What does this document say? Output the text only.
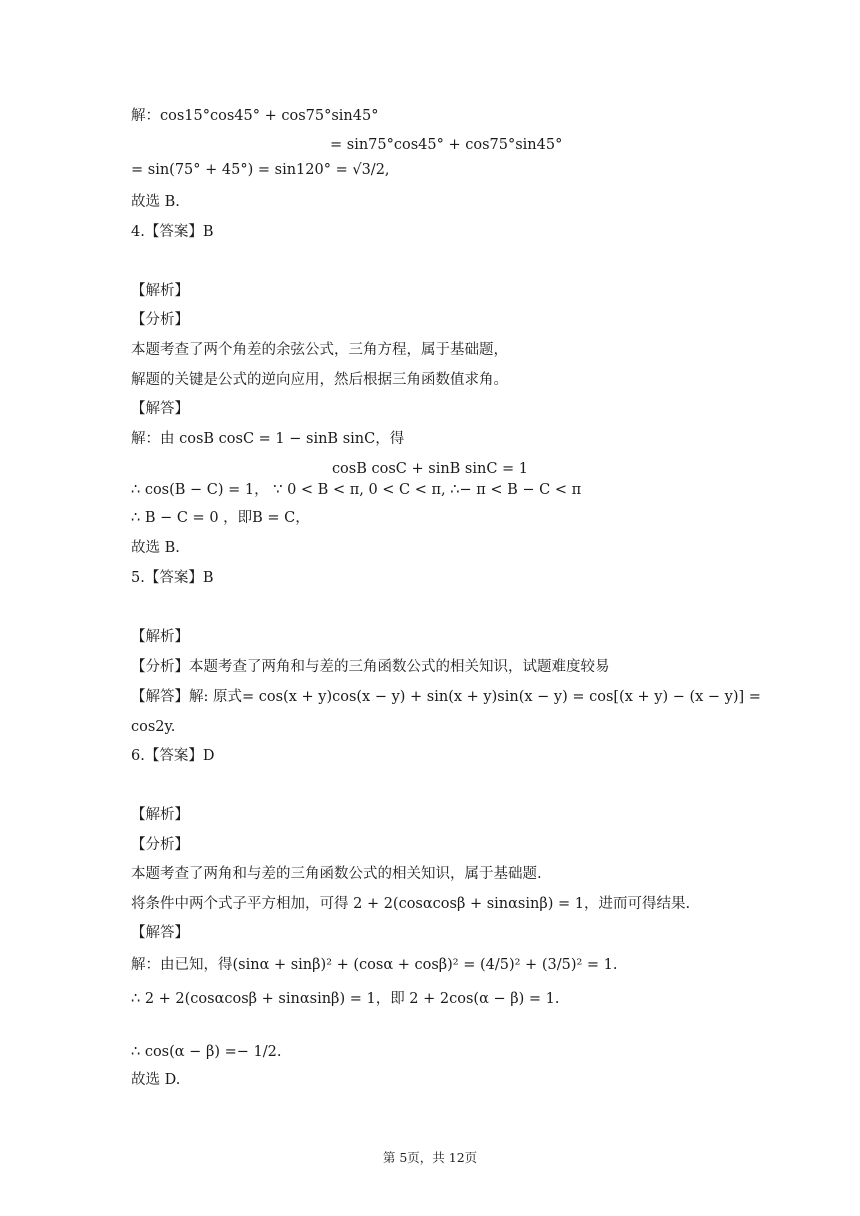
解：cos15°cos45° + cos75°sin45°
= sin75°cos45° + cos75°sin45°
= sin(75° + 45°) = sin120° = √3/2,
故选 B.
4.【答案】B
【解析】
【分析】
本题考查了两个角差的余弦公式，三角方程，属于基础题，
解题的关键是公式的逆向应用，然后根据三角函数值求角。
【解答】
解：由 cosB cosC = 1 − sinB sinC，得
cosB cosC + sinB sinC = 1
∴ cos(B − C) = 1， ∵ 0 < B < π, 0 < C < π, ∴− π < B − C < π
∴ B − C = 0 ，即B = C，
故选 B.
5.【答案】B
【解析】
【分析】本题考查了两角和与差的三角函数公式的相关知识，试题难度较易
【解答】解: 原式= cos(x + y)cos(x − y) + sin(x + y)sin(x − y) = cos[(x + y) − (x − y)] =
cos2y.
6.【答案】D
【解析】
【分析】
本题考查了两角和与差的三角函数公式的相关知识，属于基础题.
将条件中两个式子平方相加，可得 2 + 2(cosαcosβ + sinαsinβ) = 1，进而可得结果.
【解答】
解：由已知，得(sinα + sinβ)² + (cosα + cosβ)² = (4/5)² + (3/5)² = 1.
∴ 2 + 2(cosαcosβ + sinαsinβ) = 1，即 2 + 2cos(α − β) = 1.
∴ cos(α − β) =− 1/2.
故选 D.
第 5页，共 12页
